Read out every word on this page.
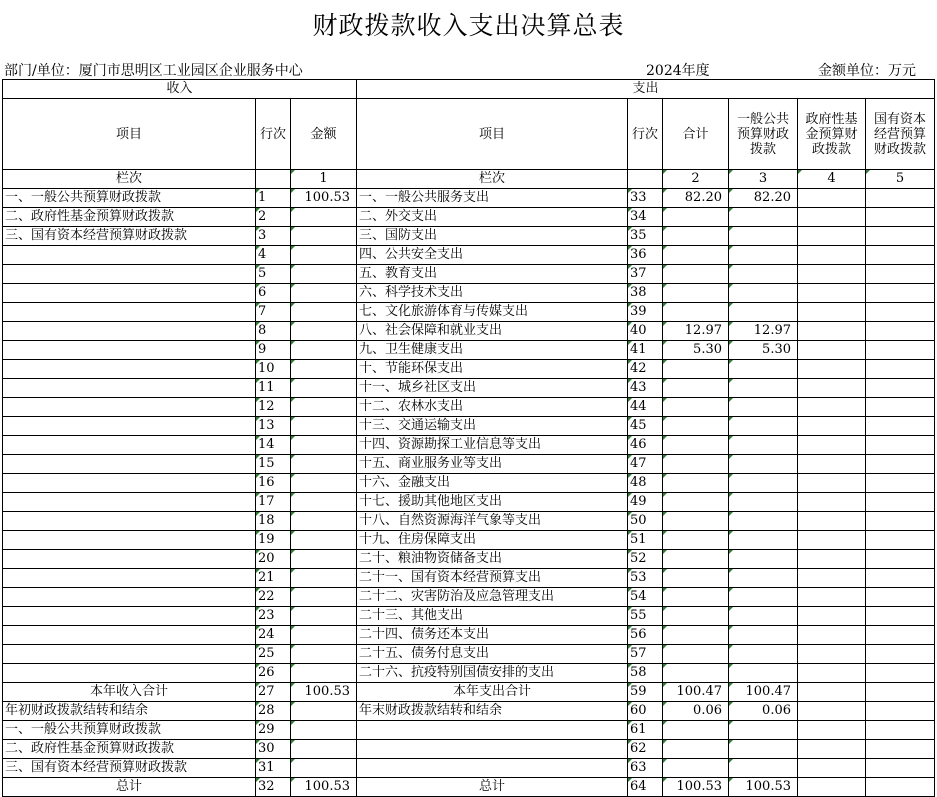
财政拨款收入支出决算总表
部门/单位：厦门市思明区工业园区企业服务中心	2024年度	金额单位：万元
收入			支出					
项目	行次	金额	项目	行次	合计	一般公共预算财政拨款	政府性基金预算财政拨款	国有资本经营预算财政拨款
栏次		1	栏次		2	3	4	5
一、一般公共预算财政拨款	1	100.53	一、一般公共服务支出	33	82.20	82.20		
二、政府性基金预算财政拨款	2		二、外交支出	34				
三、国有资本经营预算财政拨款	3		三、国防支出	35				
	4		四、公共安全支出	36				
	5		五、教育支出	37				
	6		六、科学技术支出	38				
	7		七、文化旅游体育与传媒支出	39				
	8		八、社会保障和就业支出	40	12.97	12.97		
	9		九、卫生健康支出	41	5.30	5.30		
	10		十、节能环保支出	42				
	11		十一、城乡社区支出	43				
	12		十二、农林水支出	44				
	13		十三、交通运输支出	45				
	14		十四、资源勘探工业信息等支出	46				
	15		十五、商业服务业等支出	47				
	16		十六、金融支出	48				
	17		十七、援助其他地区支出	49				
	18		十八、自然资源海洋气象等支出	50				
	19		十九、住房保障支出	51				
	20		二十、粮油物资储备支出	52				
	21		二十一、国有资本经营预算支出	53				
	22		二十二、灾害防治及应急管理支出	54				
	23		二十三、其他支出	55				
	24		二十四、债务还本支出	56				
	25		二十五、债务付息支出	57				
	26		二十六、抗疫特别国债安排的支出	58				
本年收入合计	27	100.53	本年支出合计	59	100.47	100.47		
年初财政拨款结转和结余	28		年末财政拨款结转和结余	60	0.06	0.06		
一、一般公共预算财政拨款	29			61				
二、政府性基金预算财政拨款	30			62				
三、国有资本经营预算财政拨款	31			63				
总计	32	100.53	总计	64	100.53	100.53		
